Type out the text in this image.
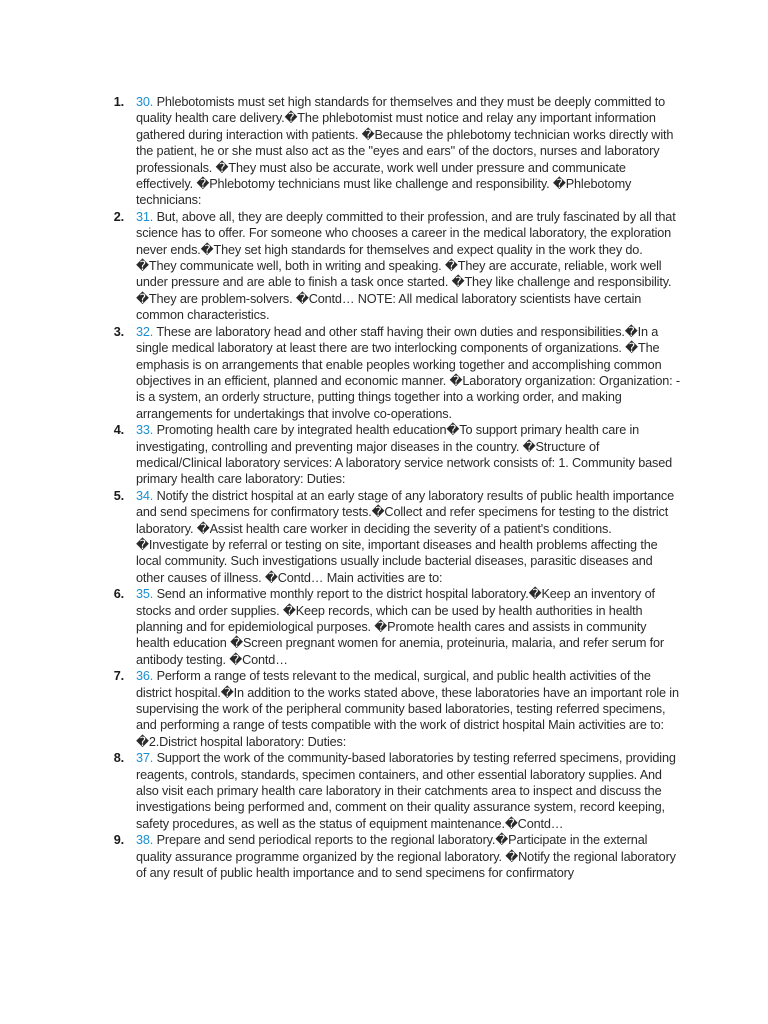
1. 30. Phlebotomists must set high standards for themselves and they must be deeply committed to quality health care delivery.�The phlebotomist must notice and relay any important information gathered during interaction with patients. �Because the phlebotomy technician works directly with the patient, he or she must also act as the "eyes and ears" of the doctors, nurses and laboratory professionals. �They must also be accurate, work well under pressure and communicate effectively. �Phlebotomy technicians must like challenge and responsibility. �Phlebotomy technicians:
2. 31. But, above all, they are deeply committed to their profession, and are truly fascinated by all that science has to offer. For someone who chooses a career in the medical laboratory, the exploration never ends.�They set high standards for themselves and expect quality in the work they do. �They communicate well, both in writing and speaking. �They are accurate, reliable, work well under pressure and are able to finish a task once started. �They like challenge and responsibility. �They are problem-solvers. �Contd… NOTE: All medical laboratory scientists have certain common characteristics.
3. 32. These are laboratory head and other staff having their own duties and responsibilities.�In a single medical laboratory at least there are two interlocking components of organizations. �The emphasis is on arrangements that enable peoples working together and accomplishing common objectives in an efficient, planned and economic manner. �Laboratory organization: Organization: - is a system, an orderly structure, putting things together into a working order, and making arrangements for undertakings that involve co-operations.
4. 33. Promoting health care by integrated health education�To support primary health care in investigating, controlling and preventing major diseases in the country. �Structure of medical/Clinical laboratory services: A laboratory service network consists of: 1. Community based primary health care laboratory: Duties:
5. 34. Notify the district hospital at an early stage of any laboratory results of public health importance and send specimens for confirmatory tests.�Collect and refer specimens for testing to the district laboratory. �Assist health care worker in deciding the severity of a patient's conditions. �Investigate by referral or testing on site, important diseases and health problems affecting the local community. Such investigations usually include bacterial diseases, parasitic diseases and other causes of illness. �Contd… Main activities are to:
6. 35. Send an informative monthly report to the district hospital laboratory.�Keep an inventory of stocks and order supplies. �Keep records, which can be used by health authorities in health planning and for epidemiological purposes. �Promote health cares and assists in community health education �Screen pregnant women for anemia, proteinuria, malaria, and refer serum for antibody testing. �Contd…
7. 36. Perform a range of tests relevant to the medical, surgical, and public health activities of the district hospital.�In addition to the works stated above, these laboratories have an important role in supervising the work of the peripheral community based laboratories, testing referred specimens, and performing a range of tests compatible with the work of district hospital Main activities are to: �2.District hospital laboratory: Duties:
8. 37. Support the work of the community-based laboratories by testing referred specimens, providing reagents, controls, standards, specimen containers, and other essential laboratory supplies. And also visit each primary health care laboratory in their catchments area to inspect and discuss the investigations being performed and, comment on their quality assurance system, record keeping, safety procedures, as well as the status of equipment maintenance.�Contd…
9. 38. Prepare and send periodical reports to the regional laboratory.�Participate in the external quality assurance programme organized by the regional laboratory. �Notify the regional laboratory of any result of public health importance and to send specimens for confirmatory
